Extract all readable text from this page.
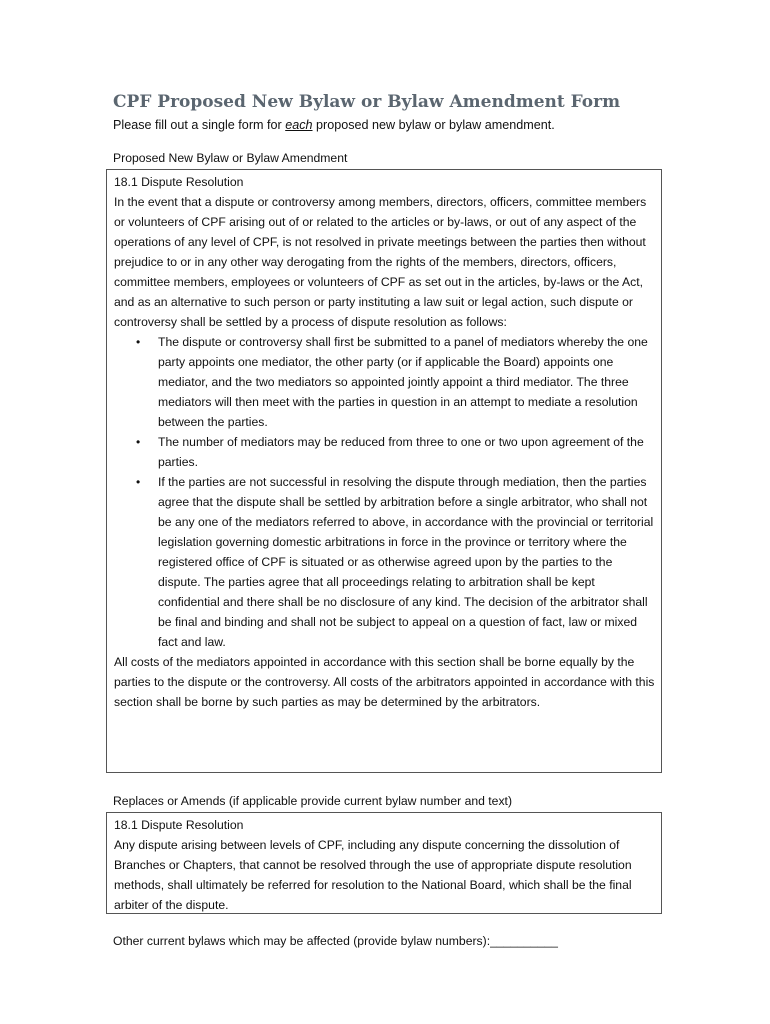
CPF Proposed New Bylaw or Bylaw Amendment Form
Please fill out a single form for each proposed new bylaw or bylaw amendment.
Proposed New Bylaw or Bylaw Amendment

18.1 Dispute Resolution

In the event that a dispute or controversy among members, directors, officers, committee members or volunteers of CPF arising out of or related to the articles or by-laws, or out of any aspect of the operations of any level of CPF, is not resolved in private meetings between the parties then without prejudice to or in any other way derogating from the rights of the members, directors, officers, committee members, employees or volunteers of CPF as set out in the articles, by-laws or the Act, and as an alternative to such person or party instituting a law suit or legal action, such dispute or controversy shall be settled by a process of dispute resolution as follows:

• The dispute or controversy shall first be submitted to a panel of mediators whereby the one party appoints one mediator, the other party (or if applicable the Board) appoints one mediator, and the two mediators so appointed jointly appoint a third mediator. The three mediators will then meet with the parties in question in an attempt to mediate a resolution between the parties.
• The number of mediators may be reduced from three to one or two upon agreement of the parties.
• If the parties are not successful in resolving the dispute through mediation, then the parties agree that the dispute shall be settled by arbitration before a single arbitrator, who shall not be any one of the mediators referred to above, in accordance with the provincial or territorial legislation governing domestic arbitrations in force in the province or territory where the registered office of CPF is situated or as otherwise agreed upon by the parties to the dispute. The parties agree that all proceedings relating to arbitration shall be kept confidential and there shall be no disclosure of any kind. The decision of the arbitrator shall be final and binding and shall not be subject to appeal on a question of fact, law or mixed fact and law.

All costs of the mediators appointed in accordance with this section shall be borne equally by the parties to the dispute or the controversy. All costs of the arbitrators appointed in accordance with this section shall be borne by such parties as may be determined by the arbitrators.

Replaces or Amends (if applicable provide current bylaw number and text)

18.1 Dispute Resolution

Any dispute arising between levels of CPF, including any dispute concerning the dissolution of Branches or Chapters, that cannot be resolved through the use of appropriate dispute resolution methods, shall ultimately be referred for resolution to the National Board, which shall be the final arbiter of the dispute.

Other current bylaws which may be affected (provide bylaw numbers):__________
